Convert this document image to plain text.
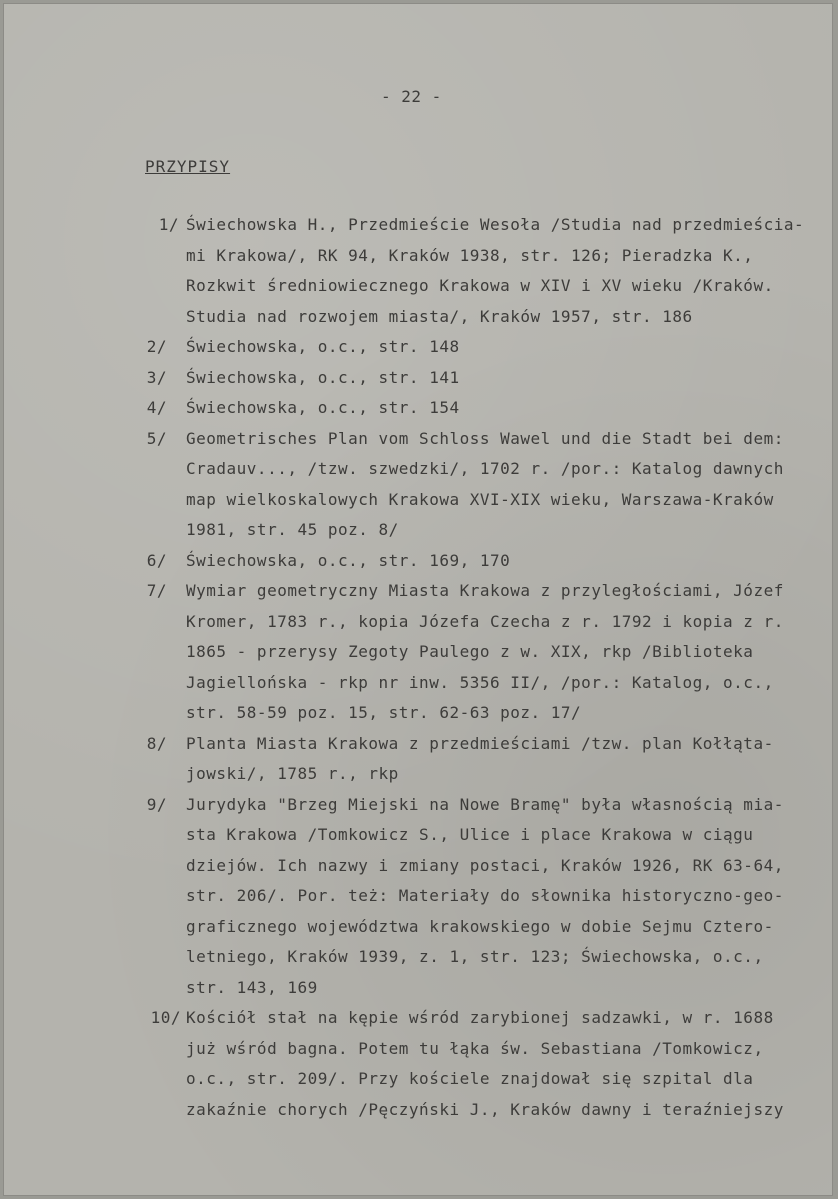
- 22 -
PRZYPISY
1/ Świechowska H., Przedmieście Wesoła /Studia nad przedmieścia-
mi Krakowa/, RK 94, Kraków 1938, str. 126; Pieradzka K.,
Rozkwit średniowiecznego Krakowa w XIV i XV wieku /Kraków.
Studia nad rozwojem miasta/, Kraków 1957, str. 186
2/ Świechowska, o.c., str. 148
3/ Świechowska, o.c., str. 141
4/ Świechowska, o.c., str. 154
5/ Geometrisches Plan vom Schloss Wawel und die Stadt bei dem:
Cradauv..., /tzw. szwedzki/, 1702 r. /por.: Katalog dawnych
map wielkoskalowych Krakowa XVI-XIX wieku, Warszawa-Kraków
1981, str. 45 poz. 8/
6/ Świechowska, o.c., str. 169, 170
7/ Wymiar geometryczny Miasta Krakowa z przyległościami, Józef
Kromer, 1783 r., kopia Józefa Czecha z r. 1792 i kopia z r.
1865 - przerysy Zegoty Paulego z w. XIX, rkp /Biblioteka
Jagiellońska - rkp nr inw. 5356 II/, /por.: Katalog, o.c.,
str. 58-59 poz. 15, str. 62-63 poz. 17/
8/ Planta Miasta Krakowa z przedmieściami /tzw. plan Kołłąta-
jowski/, 1785 r., rkp
9/ Jurydyka "Brzeg Miejski na Nowe Bramę" była własnością mia-
sta Krakowa /Tomkowicz S., Ulice i place Krakowa w ciągu
dziejów. Ich nazwy i zmiany postaci, Kraków 1926, RK 63-64,
str. 206/. Por. też: Materiały do słownika historyczno-geo-
graficznego województwa krakowskiego w dobie Sejmu Cztero-
letniego, Kraków 1939, z. 1, str. 123; Świechowska, o.c.,
str. 143, 169
10/ Kościół stał na kępie wśród zarybionej sadzawki, w r. 1688
już wśród bagna. Potem tu łąka św. Sebastiana /Tomkowicz,
o.c., str. 209/. Przy kościele znajdował się szpital dla
zakaźnie chorych /Pęczyński J., Kraków dawny i teraźniejszy
